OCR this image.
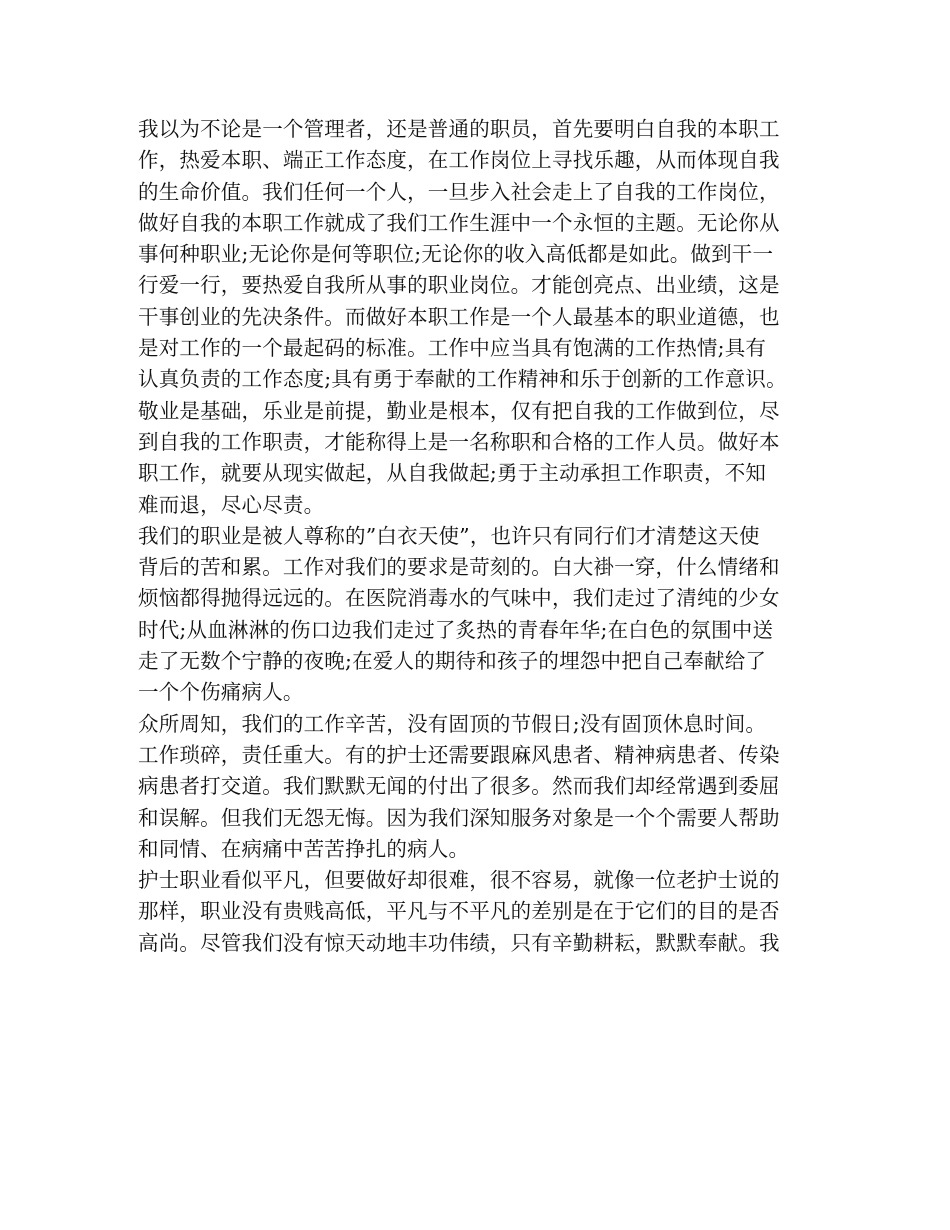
我以为不论是一个管理者，还是普通的职员，首先要明白自我的本职工
作，热爱本职、端正工作态度，在工作岗位上寻找乐趣，从而体现自我
的生命价值。我们任何一个人，一旦步入社会走上了自我的工作岗位，
做好自我的本职工作就成了我们工作生涯中一个永恒的主题。无论你从
事何种职业;无论你是何等职位;无论你的收入高低都是如此。做到干一
行爱一行，要热爱自我所从事的职业岗位。才能创亮点、出业绩，这是
干事创业的先决条件。而做好本职工作是一个人最基本的职业道德，也
是对工作的一个最起码的标准。工作中应当具有饱满的工作热情;具有
认真负责的工作态度;具有勇于奉献的工作精神和乐于创新的工作意识。
敬业是基础，乐业是前提，勤业是根本，仅有把自我的工作做到位，尽
到自我的工作职责，才能称得上是一名称职和合格的工作人员。做好本
职工作，就要从现实做起，从自我做起;勇于主动承担工作职责，不知
难而退，尽心尽责。
我们的职业是被人尊称的”白衣天使”，也许只有同行们才清楚这天使
背后的苦和累。工作对我们的要求是苛刻的。白大褂一穿，什么情绪和
烦恼都得抛得远远的。在医院消毒水的气味中，我们走过了清纯的少女
时代;从血淋淋的伤口边我们走过了炙热的青春年华;在白色的氛围中送
走了无数个宁静的夜晚;在爱人的期待和孩子的埋怨中把自己奉献给了
一个个伤痛病人。
众所周知，我们的工作辛苦，没有固顶的节假日;没有固顶休息时间。
工作琐碎，责任重大。有的护士还需要跟麻风患者、精神病患者、传染
病患者打交道。我们默默无闻的付出了很多。然而我们却经常遇到委屈
和误解。但我们无怨无悔。因为我们深知服务对象是一个个需要人帮助
和同情、在病痛中苦苦挣扎的病人。
护士职业看似平凡，但要做好却很难，很不容易，就像一位老护士说的
那样，职业没有贵贱高低，平凡与不平凡的差别是在于它们的目的是否
高尚。尽管我们没有惊天动地丰功伟绩，只有辛勤耕耘，默默奉献。我
